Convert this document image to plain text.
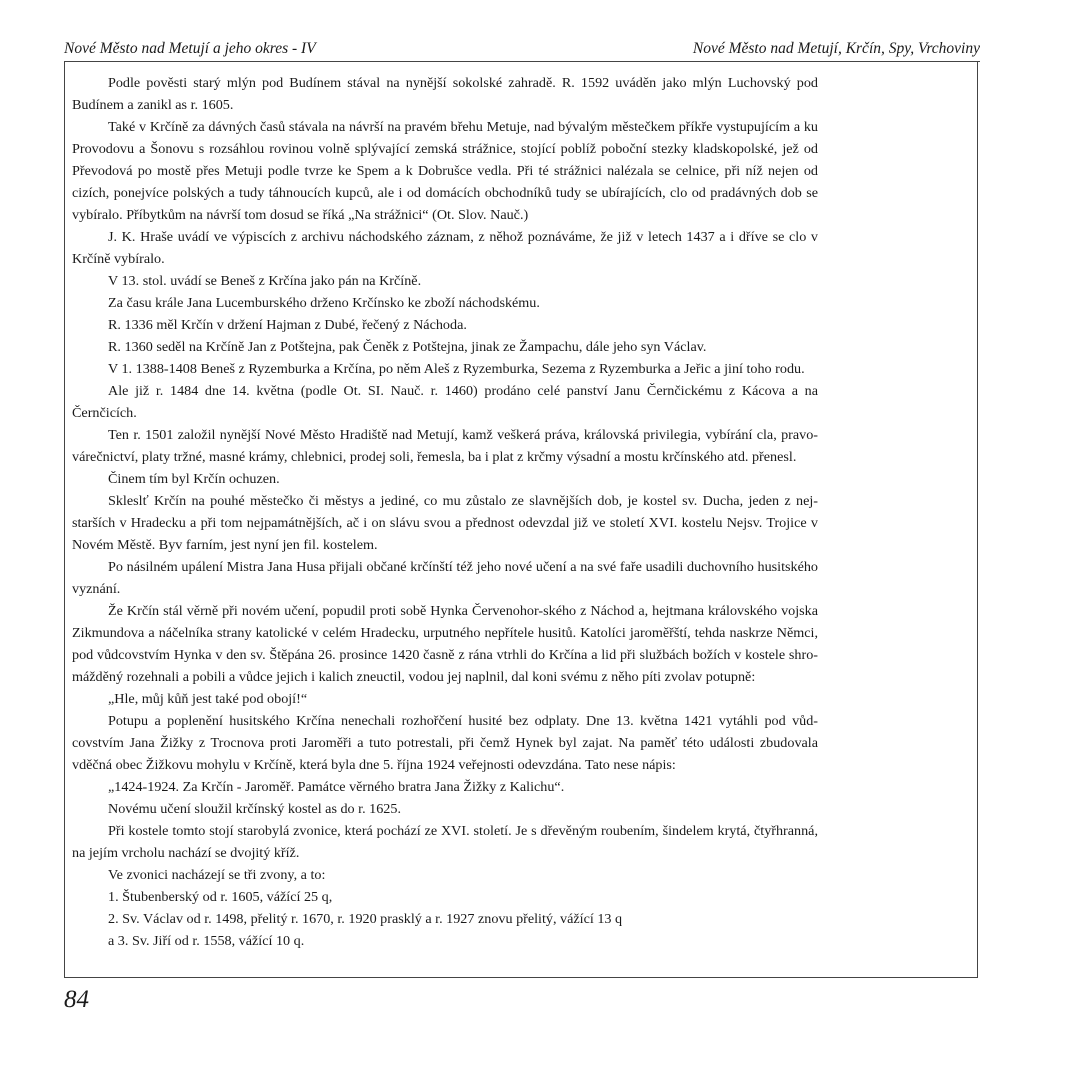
Nové Město nad Metují a jeho okres - IV	Nové Město nad Metují, Krčín, Spy, Vrchoviny

Podle pověsti starý mlýn pod Budínem stával na nynější sokolské zahradě. R. 1592 uváděn jako mlýn Luchovský pod Budínem a zanikl as r. 1605.

Také v Krčíně za dávných časů stávala na návrší na pravém břehu Metuje, nad bývalým městečkem příkře vystupujícím a ku Provodovu a Šonovu s rozsáhlou rovinou volně splývající zemská strážnice, stojící poblíž poboční stezky kladskopolské, jež od Převodová po mostě přes Metuji podle tvrze ke Spem a k Dobrušce vedla. Při té strážnici nalézala se celnice, při níž nejen od cizích, ponejvíce polských a tudy táhnoucích kupců, ale i od domácích obchodníků tudy se ubírajících, clo od pradávných dob se vybíralo. Příbytkům na návrší tom dosud se říká „Na strážnici“ (Ot. Slov. Nauč.)

J. K. Hraše uvádí ve výpiscích z archivu náchodského záznam, z něhož poznáváme, že již v letech 1437 a i dříve se clo v Krčíně vybíralo.

V 13. stol. uvádí se Beneš z Krčína jako pán na Krčíně.

Za času krále Jana Lucemburského drženo Krčínsko ke zboží náchodskému.

R. 1336 měl Krčín v držení Hajman z Dubé, řečený z Náchoda.

R. 1360 seděl na Krčíně Jan z Potštejna, pak Čeněk z Potštejna, jinak ze Žampachu, dále jeho syn Václav.

V 1. 1388-1408 Beneš z Ryzemburka a Krčína, po něm Aleš z Ryzemburka, Sezema z Ryzemburka a Jeřic a jiní toho rodu.

Ale již r. 1484 dne 14. května (podle Ot. SI. Nauč. r. 1460) prodáno celé panství Janu Černčickému z Kácova a na Černčicích.

Ten r. 1501 založil nynější Nové Město Hradiště nad Metují, kamž veškerá práva, královská privilegia, vybírání cla, pravovárečnictví, platy tržné, masné krámy, chlebnici, prodej soli, řemesla, ba i plat z krčmy výsadní a mostu krčínského atd. přenesl.

Činem tím byl Krčín ochuzen.

Skleslť Krčín na pouhé městečko či městys a jediné, co mu zůstalo ze slavnějších dob, je kostel sv. Ducha, jeden z nejstarších v Hradecku a při tom nejpamátnějších, ač i on slávu svou a přednost odevzdal již ve století XVI. kostelu Nejsv. Trojice v Novém Městě. Byv farním, jest nyní jen fil. kostelem.

Po násilném upálení Mistra Jana Husa přijali občané krčínští též jeho nové učení a na své faře usadili duchovního husitského vyznání.

Že Krčín stál věrně při novém učení, popudil proti sobě Hynka Červenohor-ského z Náchod a, hejtmana královského vojska Zikmundova a náčelníka strany katolické v celém Hradecku, urputného nepřítele husitů. Katolíci jaroměřští, tehda naskrze Němci, pod vůdcovstvím Hynka v den sv. Štěpána 26. prosince 1420 časně z rána vtrhli do Krčína a lid při službách božích v kostele shromážděný rozehnali a pobili a vůdce jejich i kalich zneuctil, vodou jej naplnil, dal koni svému z něho píti zvolav potupně:

„Hle, můj kůň jest také pod obojí!“

Potupu a poplenění husitského Krčína nenechali rozhořčení husité bez odplaty. Dne 13. května 1421 vytáhli pod vůdcovstvím Jana Žižky z Trocnova proti Jaroměři a tuto potrestali, při čemž Hynek byl zajat. Na paměť této události zbudovala vděčná obec Žižkovu mohylu v Krčíně, která byla dne 5. října 1924 veřejnosti odevzdána. Tato nese nápis:

„1424-1924. Za Krčín - Jaroměř. Památce věrného bratra Jana Žižky z Kalichu“.

Novému učení sloužil krčínský kostel as do r. 1625.

Při kostele tomto stojí starobylá zvonice, která pochází ze XVI. století. Je s dřevěným roubením, šindelem krytá, čtyřhranná, na jejím vrcholu nachází se dvojitý kříž.

Ve zvonici nacházejí se tři zvony, a to:

1. Štubenberský od r. 1605, vážící 25 q,

2. Sv. Václav od r. 1498, přelitý r. 1670, r. 1920 prasklý a r. 1927 znovu přelitý, vážící 13 q

a 3. Sv. Jiří od r. 1558, vážící 10 q.

84
